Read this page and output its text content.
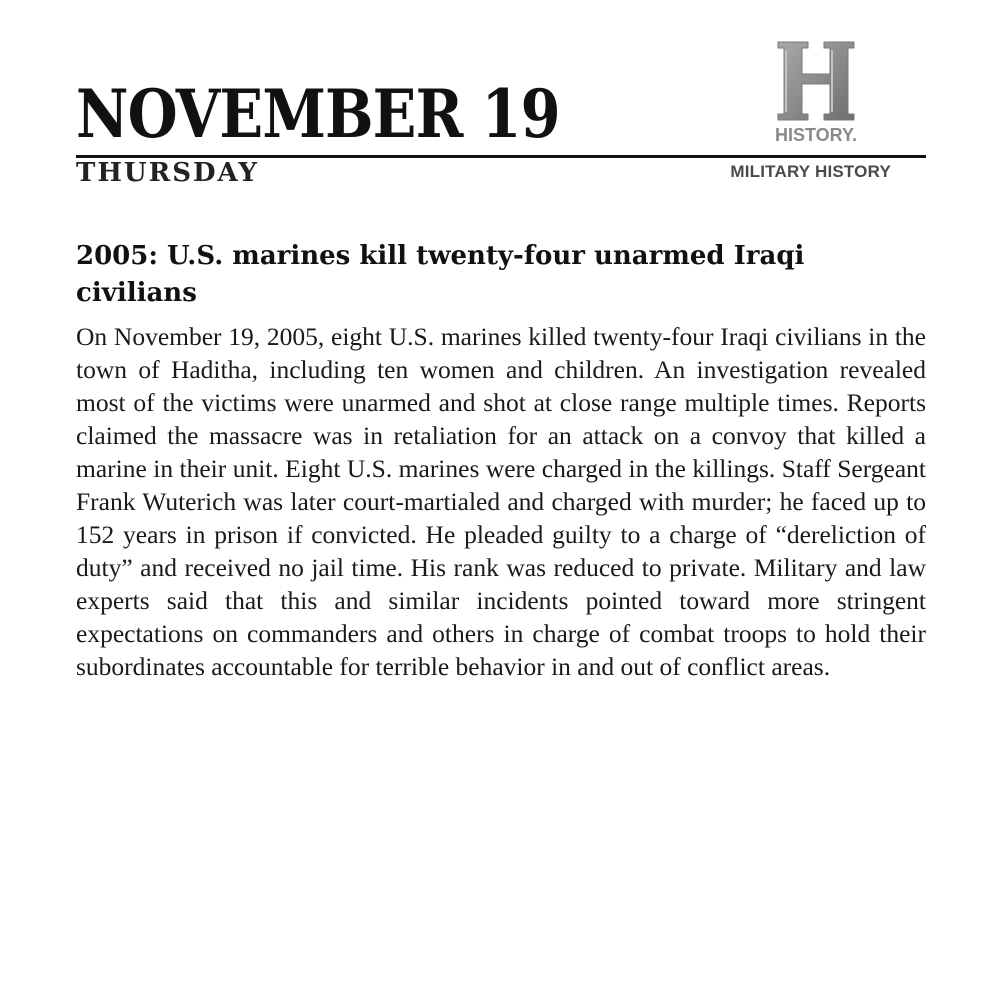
HISTORY.
NOVEMBER 19
THURSDAY	MILITARY HISTORY
2005: U.S. marines kill twenty-four unarmed Iraqi civilians

On November 19, 2005, eight U.S. marines killed twenty-four Iraqi civilians in the town of Haditha, including ten women and children. An investigation revealed most of the victims were unarmed and shot at close range multiple times. Reports claimed the massacre was in retaliation for an attack on a convoy that killed a marine in their unit. Eight U.S. marines were charged in the killings. Staff Sergeant Frank Wuterich was later court-martialed and charged with murder; he faced up to 152 years in prison if convicted. He pleaded guilty to a charge of “dereliction of duty” and received no jail time. His rank was reduced to private. Military and law experts said that this and similar incidents pointed toward more stringent expectations on commanders and others in charge of combat troops to hold their subordinates accountable for terrible behavior in and out of conflict areas.
